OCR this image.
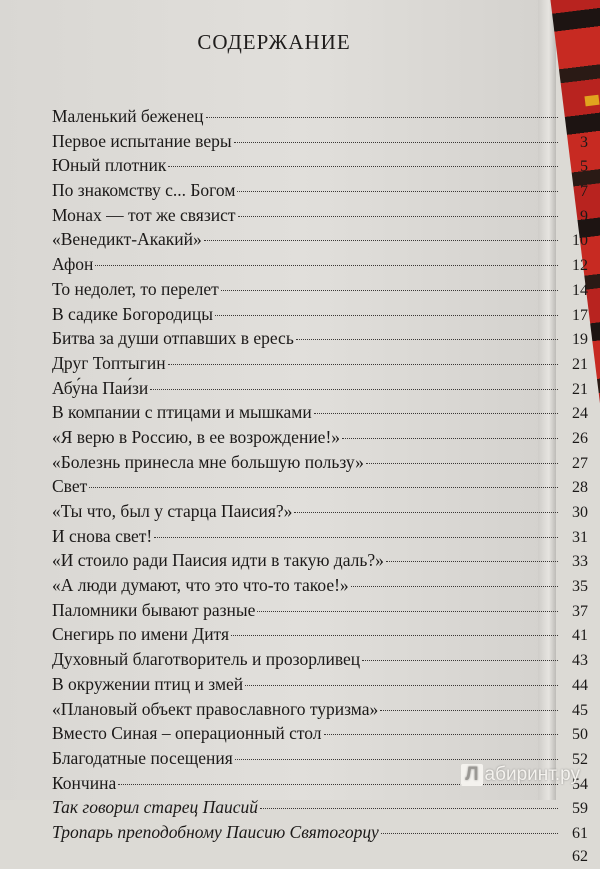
СОДЕРЖАНИЕ
Маленький беженец
Первое испытание веры	3
Юный плотник	5
По знакомству с... Богом	7
Монах — тот же связист	9
«Венедикт-Акакий»	10
Афон	12
То недолет, то перелет	14
В садике Богородицы	17
Битва за души отпавших в ересь	19
Друг Топтыгин	21
Абу́на Паи́зи	21
В компании с птицами и мышками	24
«Я верю в Россию, в ее возрождение!»	26
«Болезнь принесла мне большую пользу»	27
Свет	28
«Ты что, был у старца Паисия?»	30
И снова свет!	31
«И стоило ради Паисия идти в такую даль?»	33
«А люди думают, что это что-то такое!»	35
Паломники бывают разные	37
Снегирь по имени Дитя	41
Духовный благотворитель и прозорливец	43
В окружении птиц и змей	44
«Плановый объект православного туризма»	45
Вместо Синая – операционный стол	50
Благодатные посещения	52
Кончина	54
Так говорил старец Паисий	59
Тропарь преподобному Паисию Святогорцу	61
62
Л абиринт.ру
